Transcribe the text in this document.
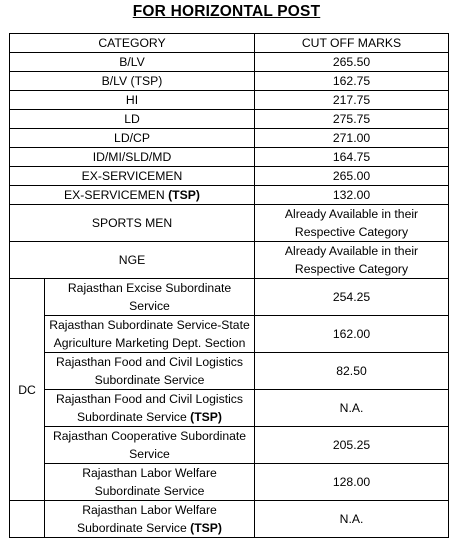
FOR HORIZONTAL POST
CATEGORY		CUT OFF MARKS
B/LV		265.50
B/LV (TSP)		162.75
HI		217.75
LD		275.75
LD/CP		271.00
ID/MI/SLD/MD		164.75
EX-SERVICEMEN		265.00
EX-SERVICEMEN (TSP)		132.00
SPORTS MEN		Already Available in their Respective Category
NGE		Already Available in their Respective Category
DC	Rajasthan Excise Subordinate Service	254.25
	Rajasthan Subordinate Service-State Agriculture Marketing Dept. Section	162.00
	Rajasthan Food and Civil Logistics Subordinate Service	82.50
	Rajasthan Food and Civil Logistics Subordinate Service (TSP)	N.A.
	Rajasthan Cooperative Subordinate Service	205.25
	Rajasthan Labor Welfare Subordinate Service	128.00
	Rajasthan Labor Welfare Subordinate Service (TSP)	N.A.
